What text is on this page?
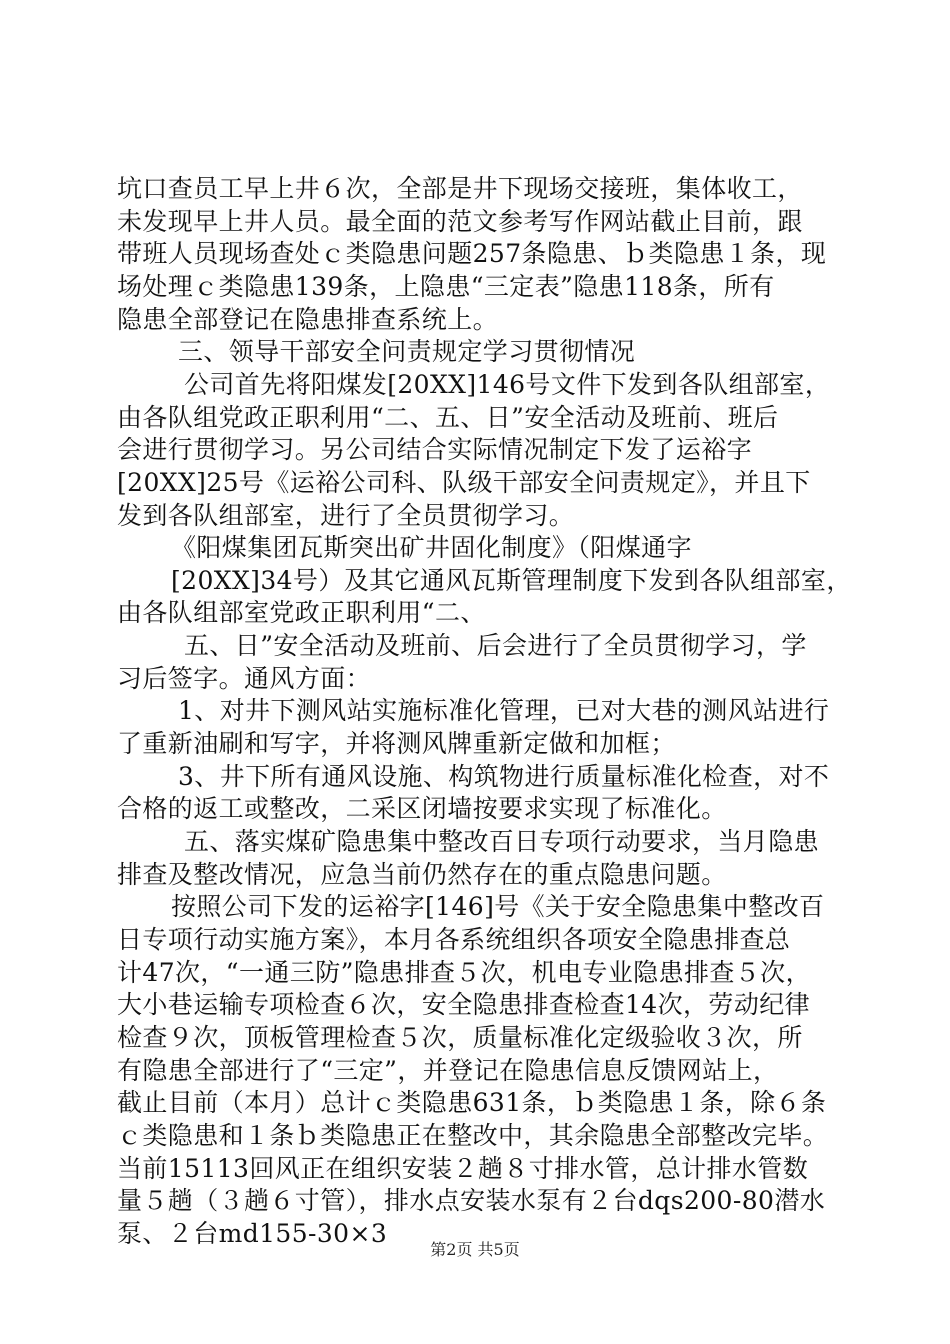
坑口查员工早上井６次，全部是井下现场交接班，集体收工，
未发现早上井人员。最全面的范文参考写作网站截止目前，跟
带班人员现场查处ｃ类隐患问题257条隐患、ｂ类隐患１条，现
场处理ｃ类隐患139条，上隐患“三定表”隐患118条，所有
隐患全部登记在隐患排查系统上。
三、领导干部安全问责规定学习贯彻情况
公司首先将阳煤发[20XX]146号文件下发到各队组部室，
由各队组党政正职利用“二、五、日”安全活动及班前、班后
会进行贯彻学习。另公司结合实际情况制定下发了运裕字
[20XX]25号《运裕公司科、队级干部安全问责规定》，并且下
发到各队组部室，进行了全员贯彻学习。
《阳煤集团瓦斯突出矿井固化制度》（阳煤通字
[20XX]34号）及其它通风瓦斯管理制度下发到各队组部室，
由各队组部室党政正职利用“二、
五、日”安全活动及班前、后会进行了全员贯彻学习，学
习后签字。通风方面：
1、对井下测风站实施标准化管理，已对大巷的测风站进行
了重新油刷和写字，并将测风牌重新定做和加框；
3、井下所有通风设施、构筑物进行质量标准化检查，对不
合格的返工或整改，二采区闭墙按要求实现了标准化。
五、落实煤矿隐患集中整改百日专项行动要求，当月隐患
排查及整改情况，应急当前仍然存在的重点隐患问题。
按照公司下发的运裕字[146]号《关于安全隐患集中整改百
日专项行动实施方案》，本月各系统组织各项安全隐患排查总
计47次，“一通三防”隐患排查５次，机电专业隐患排查５次，
大小巷运输专项检查６次，安全隐患排查检查14次，劳动纪律
检查９次，顶板管理检查５次，质量标准化定级验收３次，所
有隐患全部进行了“三定”，并登记在隐患信息反馈网站上，
截止目前（本月）总计ｃ类隐患631条，ｂ类隐患１条，除６条
ｃ类隐患和１条ｂ类隐患正在整改中，其余隐患全部整改完毕。
当前15113回风正在组织安装２趟８寸排水管，总计排水管数
量５趟（３趟６寸管），排水点安装水泵有２台dqs200-80潜水
泵、２台md155-30×3
第2页 共5页
